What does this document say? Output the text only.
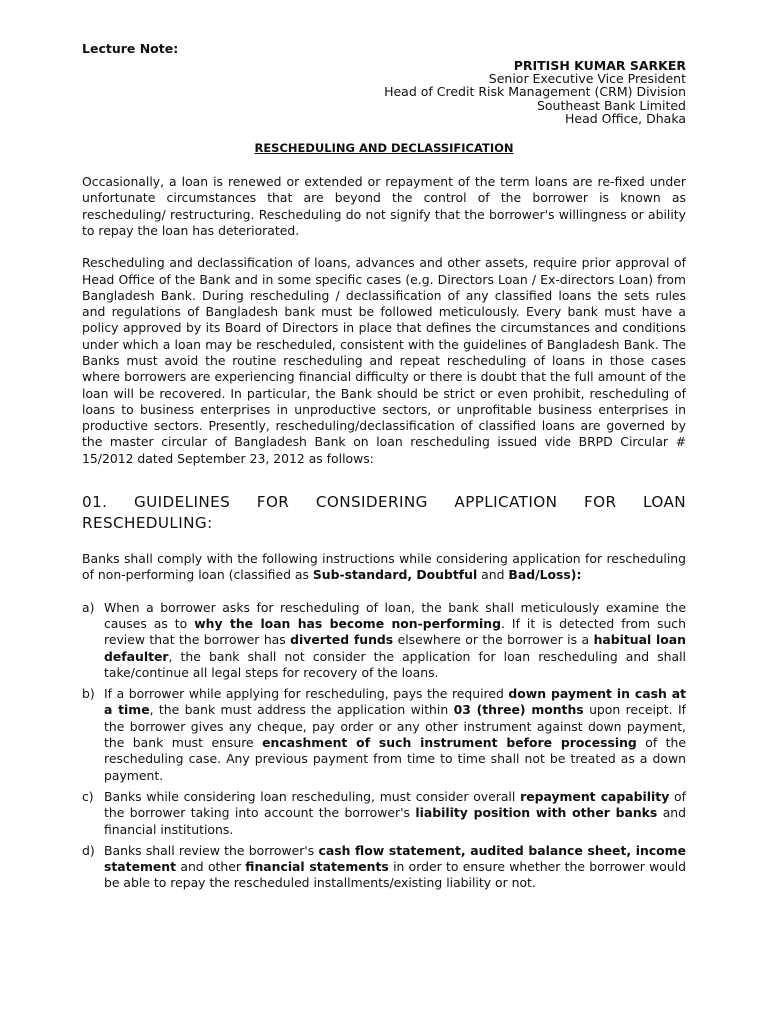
Lecture Note:
PRITISH KUMAR SARKER
Senior Executive Vice President
Head of Credit Risk Management (CRM) Division
Southeast Bank Limited
Head Office, Dhaka
RESCHEDULING AND DECLASSIFICATION

Occasionally, a loan is renewed or extended or repayment of the term loans are re-fixed under unfortunate circumstances that are beyond the control of the borrower is known as rescheduling/ restructuring. Rescheduling do not signify that the borrower's willingness or ability to repay the loan has deteriorated.

Rescheduling and declassification of loans, advances and other assets, require prior approval of Head Office of the Bank and in some specific cases (e.g. Directors Loan / Ex-directors Loan) from Bangladesh Bank. During rescheduling / declassification of any classified loans the sets rules and regulations of Bangladesh bank must be followed meticulously. Every bank must have a policy approved by its Board of Directors in place that defines the circumstances and conditions under which a loan may be rescheduled, consistent with the guidelines of Bangladesh Bank. The Banks must avoid the routine rescheduling and repeat rescheduling of loans in those cases where borrowers are experiencing financial difficulty or there is doubt that the full amount of the loan will be recovered. In particular, the Bank should be strict or even prohibit, rescheduling of loans to business enterprises in unproductive sectors, or unprofitable business enterprises in productive sectors. Presently, rescheduling/declassification of classified loans are governed by the master circular of Bangladesh Bank on loan rescheduling issued vide BRPD Circular # 15/2012 dated September 23, 2012 as follows:

01. GUIDELINES FOR CONSIDERING APPLICATION FOR LOAN
RESCHEDULING:

Banks shall comply with the following instructions while considering application for rescheduling of non-performing loan (classified as Sub-standard, Doubtful and Bad/Loss):

a) When a borrower asks for rescheduling of loan, the bank shall meticulously examine the causes as to why the loan has become non-performing. If it is detected from such review that the borrower has diverted funds elsewhere or the borrower is a habitual loan defaulter, the bank shall not consider the application for loan rescheduling and shall take/continue all legal steps for recovery of the loans.
b) If a borrower while applying for rescheduling, pays the required down payment in cash at a time, the bank must address the application within 03 (three) months upon receipt. If the borrower gives any cheque, pay order or any other instrument against down payment, the bank must ensure encashment of such instrument before processing of the rescheduling case. Any previous payment from time to time shall not be treated as a down payment.
c) Banks while considering loan rescheduling, must consider overall repayment capability of the borrower taking into account the borrower's liability position with other banks and financial institutions.
d) Banks shall review the borrower's cash flow statement, audited balance sheet, income statement and other financial statements in order to ensure whether the borrower would be able to repay the rescheduled installments/existing liability or not.
